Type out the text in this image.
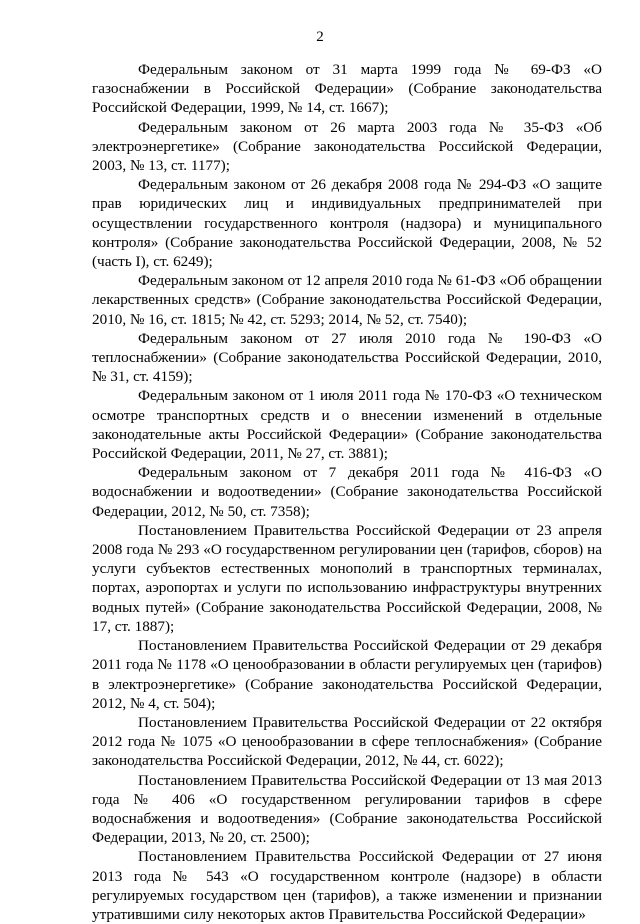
2

Федеральным законом от 31 марта 1999 года № 69-ФЗ «О газоснабжении в Российской Федерации» (Собрание законодательства Российской Федерации, 1999, № 14, ст. 1667);

Федеральным законом от 26 марта 2003 года № 35-ФЗ «Об электроэнергетике» (Собрание законодательства Российской Федерации, 2003, № 13, ст. 1177);

Федеральным законом от 26 декабря 2008 года № 294-ФЗ «О защите прав юридических лиц и индивидуальных предпринимателей при осуществлении государственного контроля (надзора) и муниципального контроля» (Собрание законодательства Российской Федерации, 2008, № 52 (часть I), ст. 6249);

Федеральным законом от 12 апреля 2010 года № 61-ФЗ «Об обращении лекарственных средств» (Собрание законодательства Российской Федерации, 2010, № 16, ст. 1815; № 42, ст. 5293; 2014, № 52, ст. 7540);

Федеральным законом от 27 июля 2010 года № 190-ФЗ «О теплоснабжении» (Собрание законодательства Российской Федерации, 2010, № 31, ст. 4159);

Федеральным законом от 1 июля 2011 года № 170-ФЗ «О техническом осмотре транспортных средств и о внесении изменений в отдельные законодательные акты Российской Федерации» (Собрание законодательства Российской Федерации, 2011, № 27, ст. 3881);

Федеральным законом от 7 декабря 2011 года № 416-ФЗ «О водоснабжении и водоотведении» (Собрание законодательства Российской Федерации, 2012, № 50, ст. 7358);

Постановлением Правительства Российской Федерации от 23 апреля 2008 года № 293 «О государственном регулировании цен (тарифов, сборов) на услуги субъектов естественных монополий в транспортных терминалах, портах, аэропортах и услуги по использованию инфраструктуры внутренних водных путей» (Собрание законодательства Российской Федерации, 2008, № 17, ст. 1887);

Постановлением Правительства Российской Федерации от 29 декабря 2011 года № 1178 «О ценообразовании в области регулируемых цен (тарифов) в электроэнергетике» (Собрание законодательства Российской Федерации, 2012, № 4, ст. 504);

Постановлением Правительства Российской Федерации от 22 октября 2012 года № 1075 «О ценообразовании в сфере теплоснабжения» (Собрание законодательства Российской Федерации, 2012, № 44, ст. 6022);

Постановлением Правительства Российской Федерации от 13 мая 2013 года № 406 «О государственном регулировании тарифов в сфере водоснабжения и водоотведения» (Собрание законодательства Российской Федерации, 2013, № 20, ст. 2500);

Постановлением Правительства Российской Федерации от 27 июня 2013 года № 543 «О государственном контроле (надзоре) в области регулируемых государством цен (тарифов), а также изменении и признании утратившими силу некоторых актов Правительства Российской Федерации»
